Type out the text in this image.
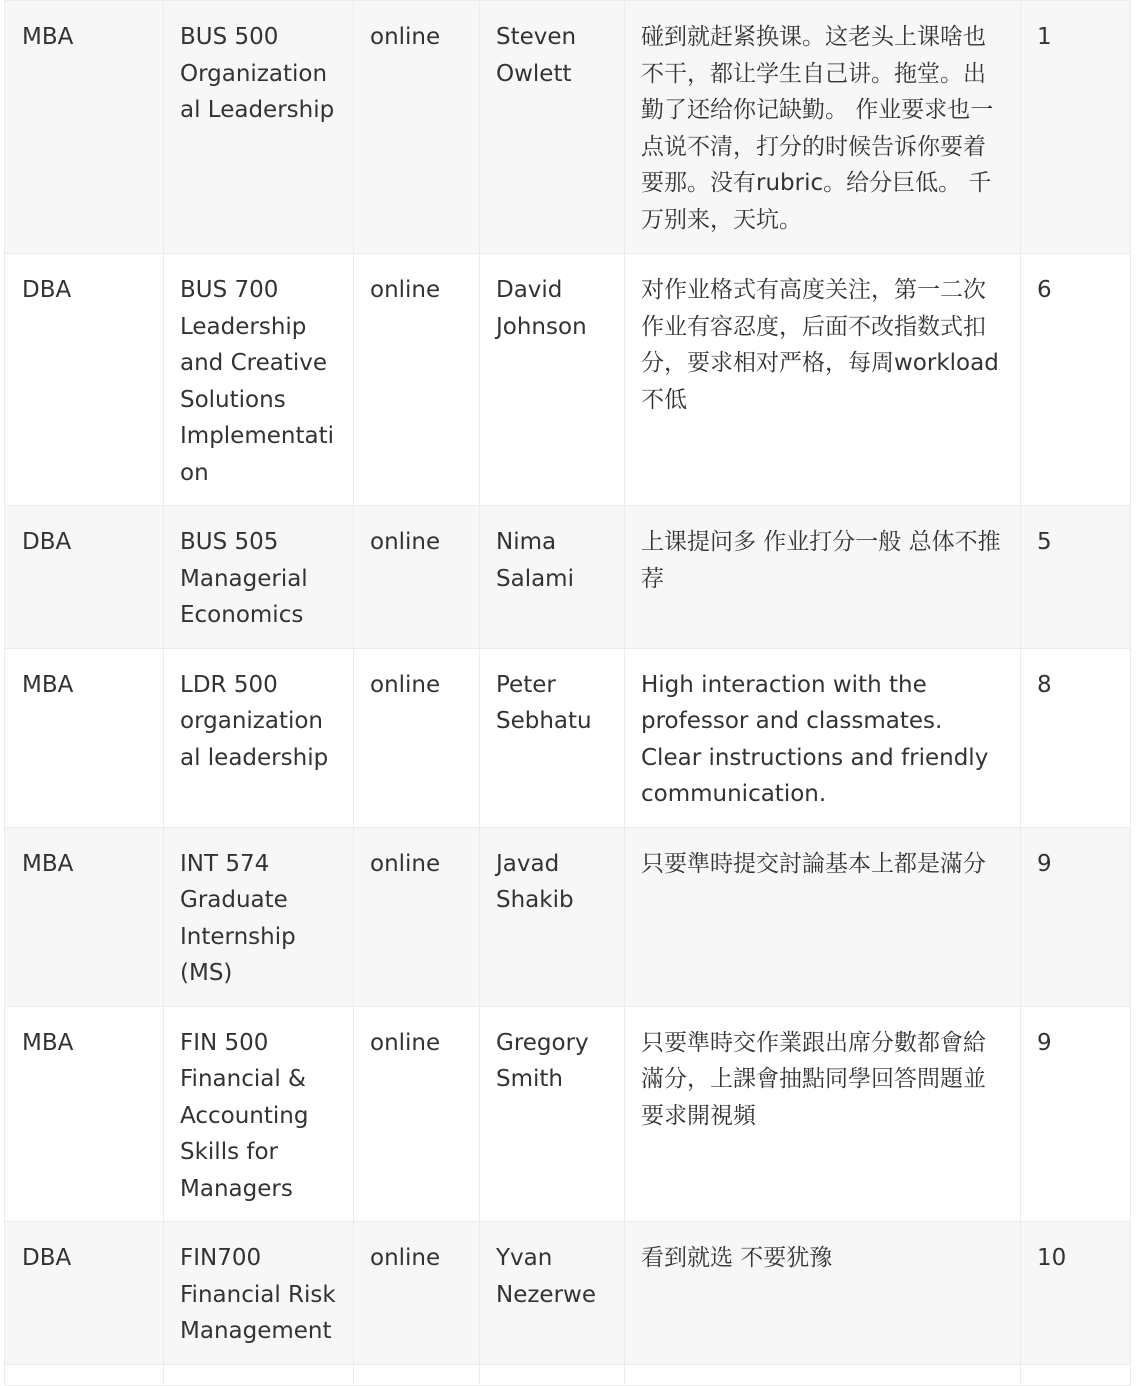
MBA	BUS 500 Organizational Leadership	online	Steven Owlett	碰到就赶紧换课。这老头上课啥也不干，都让学生自己讲。拖堂。出勤了还给你记缺勤。 作业要求也一点说不清，打分的时候告诉你要着要那。没有rubric。给分巨低。 千万别来，天坑。	1
DBA	BUS 700 Leadership and Creative Solutions Implementation	online	David Johnson	对作业格式有高度关注，第一二次作业有容忍度，后面不改指数式扣分，要求相对严格，每周workload不低	6
DBA	BUS 505 Managerial Economics	online	Nima Salami	上课提问多 作业打分一般 总体不推荐	5
MBA	LDR 500 organizational leadership	online	Peter Sebhatu	High interaction with the professor and classmates. Clear instructions and friendly communication.	8
MBA	INT 574 Graduate Internship (MS)	online	Javad Shakib	只要準時提交討論基本上都是滿分	9
MBA	FIN 500 Financial & Accounting Skills for Managers	online	Gregory Smith	只要準時交作業跟出席分數都會給滿分，上課會抽點同學回答問題並要求開視頻	9
DBA	FIN700 Financial Risk Management	online	Yvan Nezerwe	看到就选 不要犹豫	10
